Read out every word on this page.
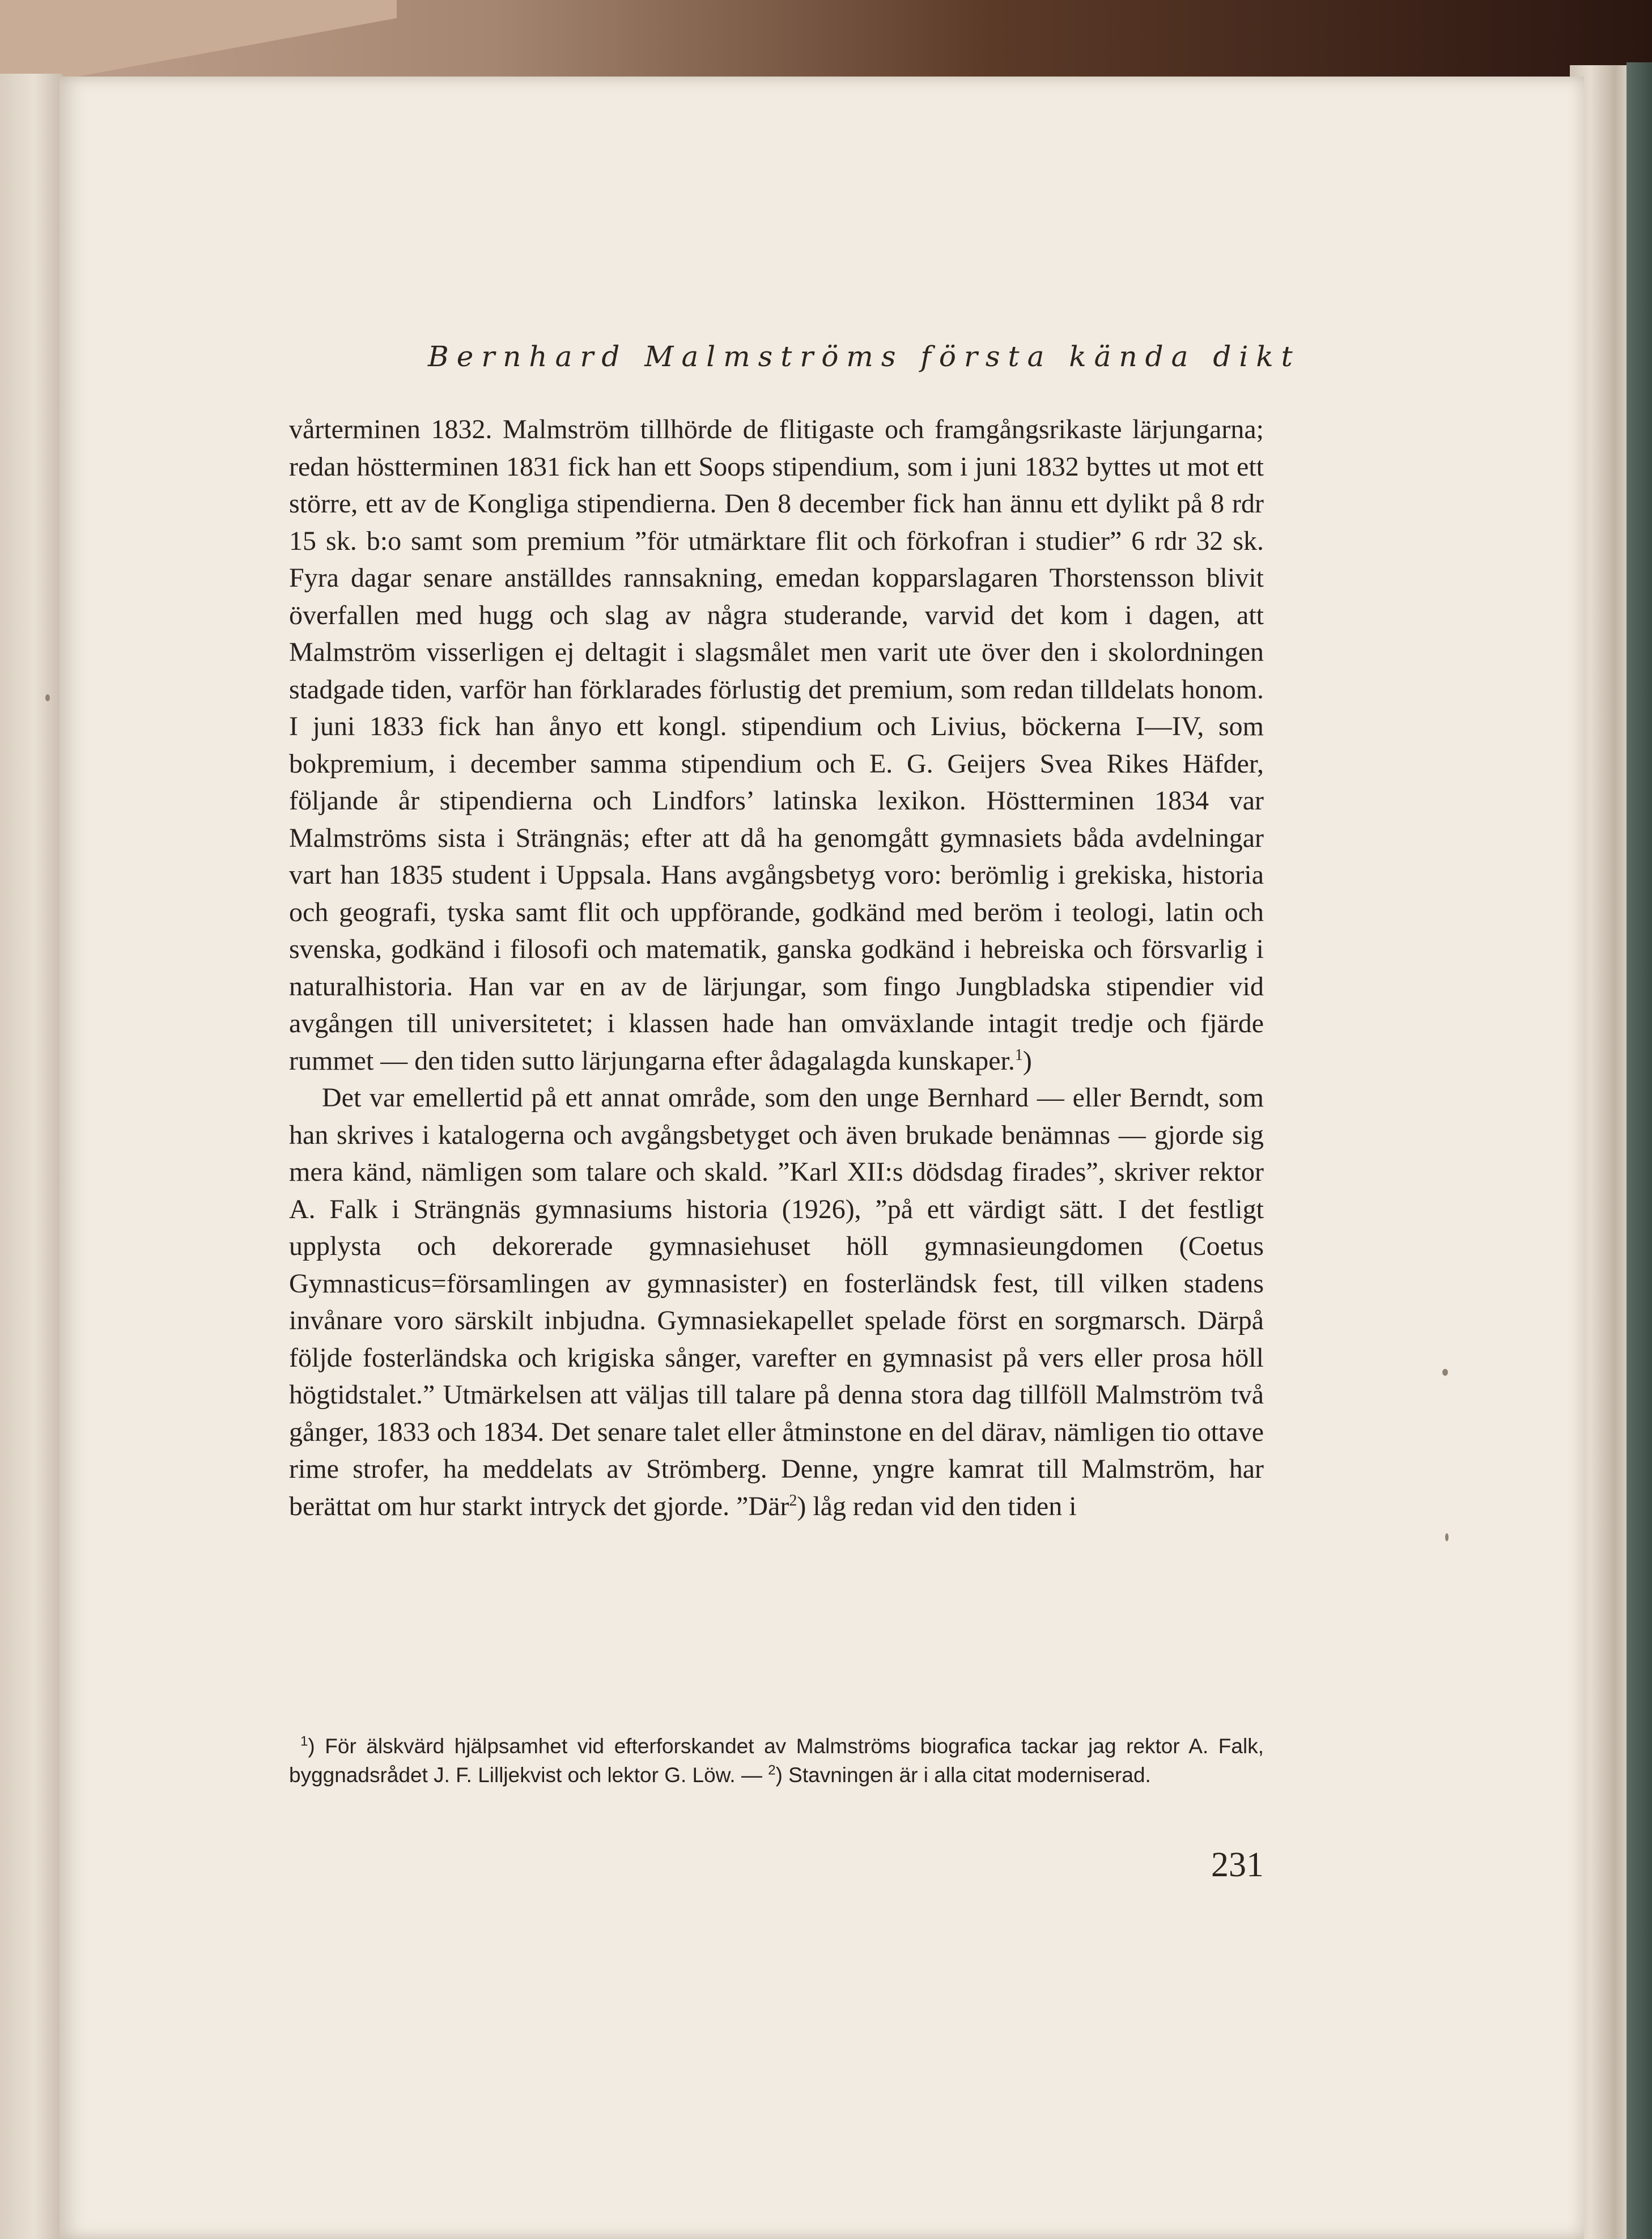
Bernhard Malmströms första kända dikt

vårterminen 1832. Malmström tillhörde de flitigaste och framgångsrikaste lärjungarna; redan höstterminen 1831 fick han ett Soops stipendium, som i juni 1832 byttes ut mot ett större, ett av de Kongliga stipendierna. Den 8 december fick han ännu ett dylikt på 8 rdr 15 sk. b:o samt som premium ”för utmärktare flit och förkofran i studier” 6 rdr 32 sk. Fyra dagar senare anställdes rannsakning, emedan kopparslagaren Thorstensson blivit överfallen med hugg och slag av några studerande, varvid det kom i dagen, att Malmström visserligen ej deltagit i slagsmålet men varit ute över den i skolordningen stadgade tiden, varför han förklarades förlustig det premium, som redan tilldelats honom. I juni 1833 fick han ånyo ett kongl. stipendium och Livius, böckerna I—IV, som bokpremium, i december samma stipendium och E. G. Geijers Svea Rikes Häfder, följande år stipendierna och Lindfors’ latinska lexikon. Höstterminen 1834 var Malmströms sista i Strängnäs; efter att då ha genomgått gymnasiets båda avdelningar vart han 1835 student i Uppsala. Hans avgångsbetyg voro: berömlig i grekiska, historia och geografi, tyska samt flit och uppförande, godkänd med beröm i teologi, latin och svenska, godkänd i filosofi och matematik, ganska godkänd i hebreiska och försvarlig i naturalhistoria. Han var en av de lärjungar, som fingo Jungbladska stipendier vid avgången till universitetet; i klassen hade han omväxlande intagit tredje och fjärde rummet — den tiden sutto lärjungarna efter ådagalagda kunskaper.$^1$)

Det var emellertid på ett annat område, som den unge Bernhard — eller Berndt, som han skrives i katalogerna och avgångsbetyget och även brukade benämnas — gjorde sig mera känd, nämligen som talare och skald. ”Karl XII:s dödsdag firades”, skriver rektor A. Falk i Strängnäs gymnasiums historia (1926), ”på ett värdigt sätt. I det festligt upplysta och dekorerade gymnasiehuset höll gymnasieungdomen (Coetus Gymnasticus=församlingen av gymnasister) en fosterländsk fest, till vilken stadens invånare voro särskilt inbjudna. Gymnasiekapellet spelade först en sorgmarsch. Därpå följde fosterländska och krigiska sånger, varefter en gymnasist på vers eller prosa höll högtidstalet.” Utmärkelsen att väljas till talare på denna stora dag tillföll Malmström två gånger, 1833 och 1834. Det senare talet eller åtminstone en del därav, nämligen tio ottave rime strofer, ha meddelats av Strömberg. Denne, yngre kamrat till Malmström, har berättat om hur starkt intryck det gjorde. ”Där$^2$) låg redan vid den tiden i

$^1$) För älskvärd hjälpsamhet vid efterforskandet av Malmströms biografica tackar jag rektor A. Falk, byggnadsrådet J. F. Lilljekvist och lektor G. Löw. — $^2$) Stavningen är i alla citat moderniserad.

231
